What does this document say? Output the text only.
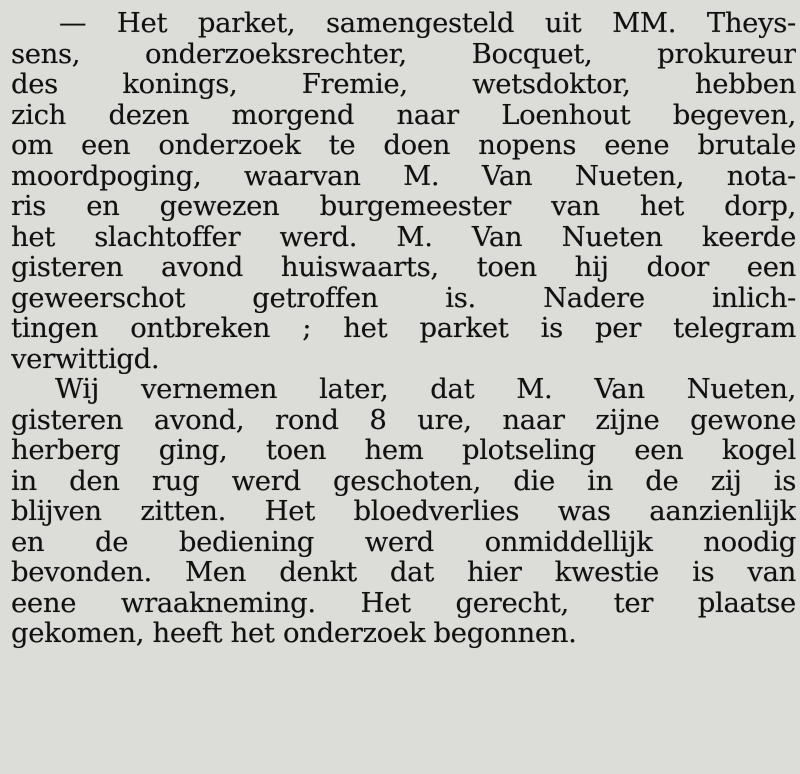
— Het parket, samengesteld uit MM. Theys-
sens, onderzoeksrechter, Bocquet, prokureur
des konings, Fremie, wetsdoktor, hebben
zich dezen morgend naar Loenhout begeven,
om een onderzoek te doen nopens eene brutale
moordpoging, waarvan M. Van Nueten, nota-
ris en gewezen burgemeester van het dorp,
het slachtoffer werd. M. Van Nueten keerde
gisteren avond huiswaarts, toen hij door een
geweerschot getroffen is. Nadere inlich-
tingen ontbreken ; het parket is per telegram
verwittigd.
Wij vernemen later, dat M. Van Nueten,
gisteren avond, rond 8 ure, naar zijne gewone
herberg ging, toen hem plotseling een kogel
in den rug werd geschoten, die in de zij is
blijven zitten. Het bloedverlies was aanzienlijk
en de bediening werd onmiddellijk noodig
bevonden. Men denkt dat hier kwestie is van
eene wraakneming. Het gerecht, ter plaatse
gekomen, heeft het onderzoek begonnen.
